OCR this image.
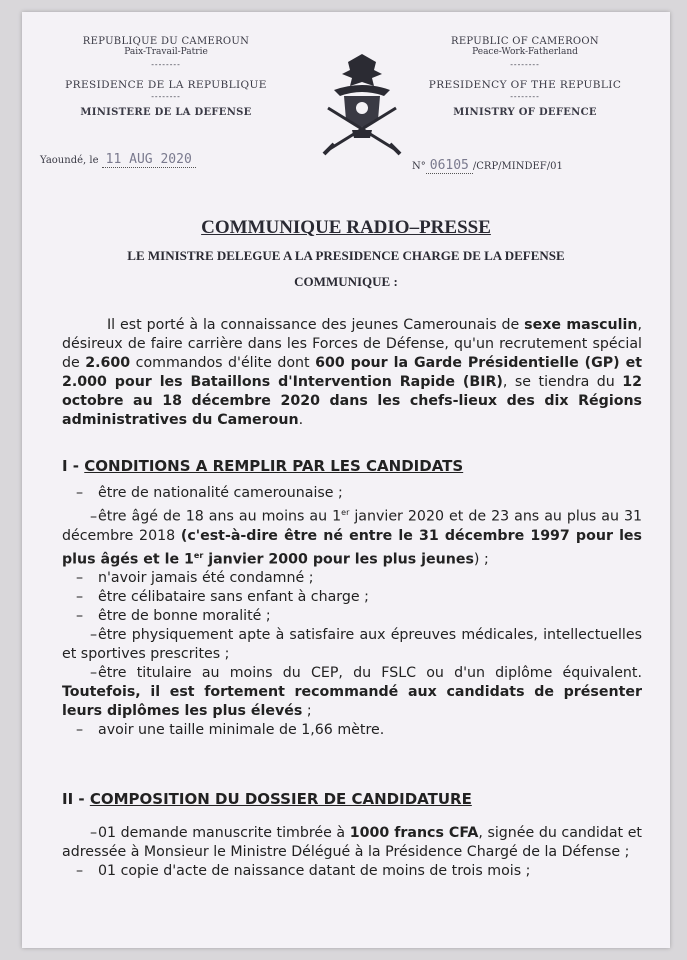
REPUBLIQUE DU CAMEROUN
Paix-Travail-Patrie
--------
PRESIDENCE DE LA REPUBLIQUE
--------
MINISTERE DE LA DEFENSE
REPUBLIC OF CAMEROON
Peace-Work-Fatherland
--------
PRESIDENCY OF THE REPUBLIC
--------
MINISTRY OF DEFENCE
Yaoundé, le 11 AUG 2020	N° 06105 /CRP/MINDEF/01
COMMUNIQUE RADIO–PRESSE
LE MINISTRE DELEGUE A LA PRESIDENCE CHARGE DE LA DEFENSE
COMMUNIQUE :
Il est porté à la connaissance des jeunes Camerounais de sexe masculin, désireux de faire carrière dans les Forces de Défense, qu'un recrutement spécial de 2.600 commandos d'élite dont 600 pour la Garde Présidentielle (GP) et 2.000 pour les Bataillons d'Intervention Rapide (BIR), se tiendra du 12 octobre au 18 décembre 2020 dans les chefs-lieux des dix Régions administratives du Cameroun.
I - CONDITIONS A REMPLIR PAR LES CANDIDATS
– être de nationalité camerounaise ;
–être âgé de 18 ans au moins au 1er janvier 2020 et de 23 ans au plus au 31 décembre 2018 (c'est-à-dire être né entre le 31 décembre 1997 pour les plus âgés et le 1er janvier 2000 pour les plus jeunes) ;
– n'avoir jamais été condamné ;
– être célibataire sans enfant à charge ;
– être de bonne moralité ;
–être physiquement apte à satisfaire aux épreuves médicales, intellectuelles et sportives prescrites ;
–être titulaire au moins du CEP, du FSLC ou d'un diplôme équivalent. Toutefois, il est fortement recommandé aux candidats de présenter leurs diplômes les plus élevés ;
– avoir une taille minimale de 1,66 mètre.
II - COMPOSITION DU DOSSIER DE CANDIDATURE
–01 demande manuscrite timbrée à 1000 francs CFA, signée du candidat et adressée à Monsieur le Ministre Délégué à la Présidence Chargé de la Défense ;
– 01 copie d'acte de naissance datant de moins de trois mois ;
